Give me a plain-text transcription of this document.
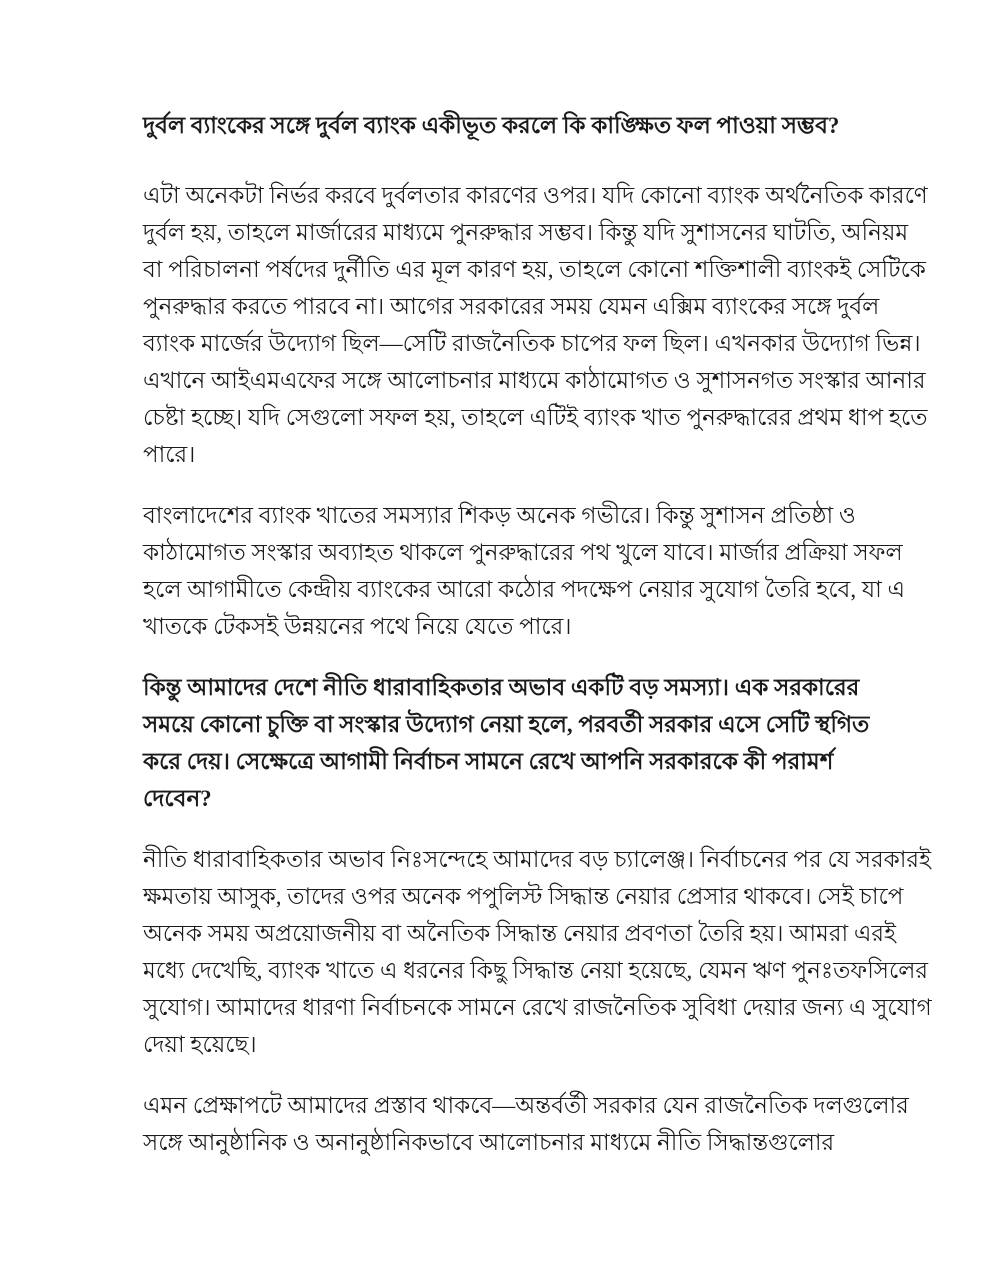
দুর্বল ব্যাংকের সঙ্গে দুর্বল ব্যাংক একীভূত করলে কি কাঙ্ক্ষিত ফল পাওয়া সম্ভব?
এটা অনেকটা নির্ভর করবে দুর্বলতার কারণের ওপর। যদি কোনো ব্যাংক অর্থনৈতিক কারণে
দুর্বল হয়, তাহলে মার্জারের মাধ্যমে পুনরুদ্ধার সম্ভব। কিন্তু যদি সুশাসনের ঘাটতি, অনিয়ম
বা পরিচালনা পর্ষদের দুর্নীতি এর মূল কারণ হয়, তাহলে কোনো শক্তিশালী ব্যাংকই সেটিকে
পুনরুদ্ধার করতে পারবে না। আগের সরকারের সময় যেমন এক্সিম ব্যাংকের সঙ্গে দুর্বল
ব্যাংক মার্জের উদ্যোগ ছিল—সেটি রাজনৈতিক চাপের ফল ছিল। এখনকার উদ্যোগ ভিন্ন।
এখানে আইএমএফের সঙ্গে আলোচনার মাধ্যমে কাঠামোগত ও সুশাসনগত সংস্কার আনার
চেষ্টা হচ্ছে। যদি সেগুলো সফল হয়, তাহলে এটিই ব্যাংক খাত পুনরুদ্ধারের প্রথম ধাপ হতে
পারে।
বাংলাদেশের ব্যাংক খাতের সমস্যার শিকড় অনেক গভীরে। কিন্তু সুশাসন প্রতিষ্ঠা ও
কাঠামোগত সংস্কার অব্যাহত থাকলে পুনরুদ্ধারের পথ খুলে যাবে। মার্জার প্রক্রিয়া সফল
হলে আগামীতে কেন্দ্রীয় ব্যাংকের আরো কঠোর পদক্ষেপ নেয়ার সুযোগ তৈরি হবে, যা এ
খাতকে টেকসই উন্নয়নের পথে নিয়ে যেতে পারে।
কিন্তু আমাদের দেশে নীতি ধারাবাহিকতার অভাব একটি বড় সমস্যা। এক সরকারের
সময়ে কোনো চুক্তি বা সংস্কার উদ্যোগ নেয়া হলে, পরবর্তী সরকার এসে সেটি স্থগিত
করে দেয়। সেক্ষেত্রে আগামী নির্বাচন সামনে রেখে আপনি সরকারকে কী পরামর্শ
দেবেন?
নীতি ধারাবাহিকতার অভাব নিঃসন্দেহে আমাদের বড় চ্যালেঞ্জ। নির্বাচনের পর যে সরকারই
ক্ষমতায় আসুক, তাদের ওপর অনেক পপুলিস্ট সিদ্ধান্ত নেয়ার প্রেসার থাকবে। সেই চাপে
অনেক সময় অপ্রয়োজনীয় বা অনৈতিক সিদ্ধান্ত নেয়ার প্রবণতা তৈরি হয়। আমরা এরই
মধ্যে দেখেছি, ব্যাংক খাতে এ ধরনের কিছু সিদ্ধান্ত নেয়া হয়েছে, যেমন ঋণ পুনঃতফসিলের
সুযোগ। আমাদের ধারণা নির্বাচনকে সামনে রেখে রাজনৈতিক সুবিধা দেয়ার জন্য এ সুযোগ
দেয়া হয়েছে।
এমন প্রেক্ষাপটে আমাদের প্রস্তাব থাকবে—অন্তর্বর্তী সরকার যেন রাজনৈতিক দলগুলোর
সঙ্গে আনুষ্ঠানিক ও অনানুষ্ঠানিকভাবে আলোচনার মাধ্যমে নীতি সিদ্ধান্তগুলোর
